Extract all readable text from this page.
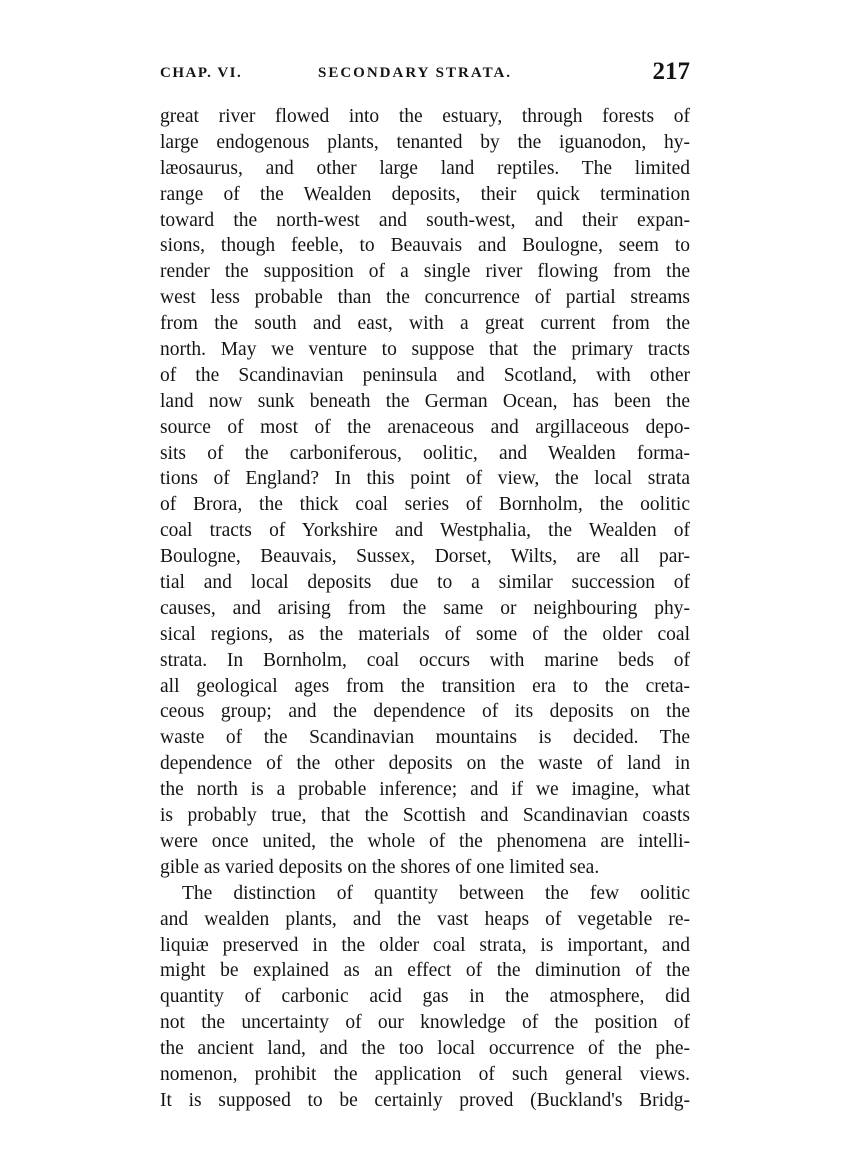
CHAP. VI.	SECONDARY STRATA.	217
great river flowed into the estuary, through forests of
large endogenous plants, tenanted by the iguanodon, hy-
læosaurus, and other large land reptiles. The limited
range of the Wealden deposits, their quick termination
toward the north-west and south-west, and their expan-
sions, though feeble, to Beauvais and Boulogne, seem to
render the supposition of a single river flowing from the
west less probable than the concurrence of partial streams
from the south and east, with a great current from the
north. May we venture to suppose that the primary tracts
of the Scandinavian peninsula and Scotland, with other
land now sunk beneath the German Ocean, has been the
source of most of the arenaceous and argillaceous depo-
sits of the carboniferous, oolitic, and Wealden forma-
tions of England? In this point of view, the local strata
of Brora, the thick coal series of Bornholm, the oolitic
coal tracts of Yorkshire and Westphalia, the Wealden of
Boulogne, Beauvais, Sussex, Dorset, Wilts, are all par-
tial and local deposits due to a similar succession of
causes, and arising from the same or neighbouring phy-
sical regions, as the materials of some of the older coal
strata. In Bornholm, coal occurs with marine beds of
all geological ages from the transition era to the creta-
ceous group; and the dependence of its deposits on the
waste of the Scandinavian mountains is decided. The
dependence of the other deposits on the waste of land in
the north is a probable inference; and if we imagine, what
is probably true, that the Scottish and Scandinavian coasts
were once united, the whole of the phenomena are intelli-
gible as varied deposits on the shores of one limited sea.
The distinction of quantity between the few oolitic
and wealden plants, and the vast heaps of vegetable re-
liquiæ preserved in the older coal strata, is important, and
might be explained as an effect of the diminution of the
quantity of carbonic acid gas in the atmosphere, did
not the uncertainty of our knowledge of the position of
the ancient land, and the too local occurrence of the phe-
nomenon, prohibit the application of such general views.
It is supposed to be certainly proved (Buckland's Bridg-
